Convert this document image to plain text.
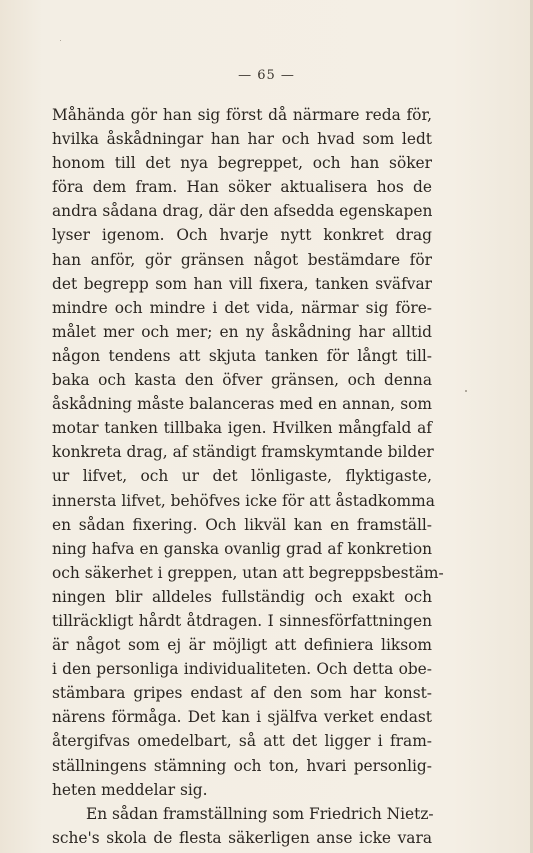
— 65 —
Måhända gör han sig först då närmare reda för,
hvilka åskådningar han har och hvad som ledt
honom till det nya begreppet, och han söker
föra dem fram. Han söker aktualisera hos de
andra sådana drag, där den afsedda egenskapen
lyser igenom. Och hvarje nytt konkret drag
han anför, gör gränsen något bestämdare för
det begrepp som han vill fixera, tanken sväfvar
mindre och mindre i det vida, närmar sig före-
målet mer och mer; en ny åskådning har alltid
någon tendens att skjuta tanken för långt till-
baka och kasta den öfver gränsen, och denna
åskådning måste balanceras med en annan, som
motar tanken tillbaka igen. Hvilken mångfald af
konkreta drag, af ständigt framskymtande bilder
ur lifvet, och ur det lönligaste, flyktigaste,
innersta lifvet, behöfves icke för att åstadkomma
en sådan fixering. Och likväl kan en framställ-
ning hafva en ganska ovanlig grad af konkretion
och säkerhet i greppen, utan att begreppsbestäm-
ningen blir alldeles fullständig och exakt och
tillräckligt hårdt åtdragen. I sinnesförfattningen
är något som ej är möjligt att definiera liksom
i den personliga individualiteten. Och detta obe-
stämbara gripes endast af den som har konst-
närens förmåga. Det kan i själfva verket endast
återgifvas omedelbart, så att det ligger i fram-
ställningens stämning och ton, hvari personlig-
heten meddelar sig.
En sådan framställning som Friedrich Nietz-
sche's skola de flesta säkerligen anse icke vara
